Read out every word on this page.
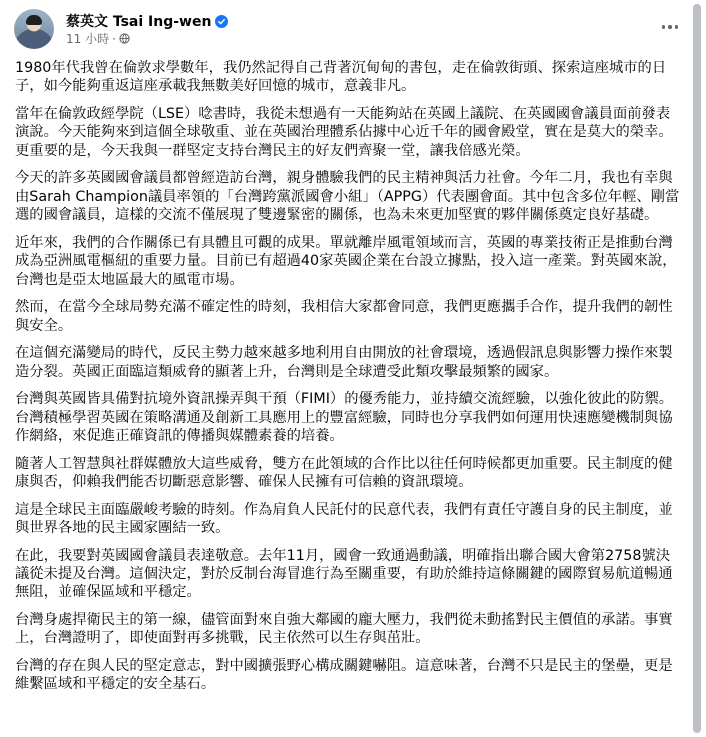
蔡英文 Tsai Ing-wen
11 小時 ·

1980年代我曾在倫敦求學數年，我仍然記得自己背著沉甸甸的書包，走在倫敦街頭、探索這座城市的日子，如今能夠重返這座承載我無數美好回憶的城市，意義非凡。

當年在倫敦政經學院（LSE）唸書時，我從未想過有一天能夠站在英國上議院、在英國國會議員面前發表演說。今天能夠來到這個全球敬重、並在英國治理體系佔據中心近千年的國會殿堂，實在是莫大的榮幸。更重要的是，今天我與一群堅定支持台灣民主的好友們齊聚一堂，讓我倍感光榮。

今天的許多英國國會議員都曾經造訪台灣，親身體驗我們的民主精神與活力社會。今年二月，我也有幸與由Sarah Champion議員率領的「台灣跨黨派國會小組」（APPG）代表團會面。其中包含多位年輕、剛當選的國會議員，這樣的交流不僅展現了雙邊緊密的關係，也為未來更加堅實的夥伴關係奠定良好基礎。

近年來，我們的合作關係已有具體且可觀的成果。單就離岸風電領域而言，英國的專業技術正是推動台灣成為亞洲風電樞紐的重要力量。目前已有超過40家英國企業在台設立據點，投入這一產業。對英國來說，台灣也是亞太地區最大的風電市場。

然而，在當今全球局勢充滿不確定性的時刻，我相信大家都會同意，我們更應攜手合作，提升我們的韌性與安全。

在這個充滿變局的時代，反民主勢力越來越多地利用自由開放的社會環境，透過假訊息與影響力操作來製造分裂。英國正面臨這類威脅的顯著上升，台灣則是全球遭受此類攻擊最頻繁的國家。

台灣與英國皆具備對抗境外資訊操弄與干預（FIMI）的優秀能力，並持續交流經驗，以強化彼此的防禦。台灣積極學習英國在策略溝通及創新工具應用上的豐富經驗，同時也分享我們如何運用快速應變機制與協作網絡，來促進正確資訊的傳播與媒體素養的培養。

隨著人工智慧與社群媒體放大這些威脅，雙方在此領域的合作比以往任何時候都更加重要。民主制度的健康與否，仰賴我們能否切斷惡意影響、確保人民擁有可信賴的資訊環境。

這是全球民主面臨嚴峻考驗的時刻。作為肩負人民託付的民意代表，我們有責任守護自身的民主制度，並與世界各地的民主國家團結一致。

在此，我要對英國國會議員表達敬意。去年11月，國會一致通過動議，明確指出聯合國大會第2758號決議從未提及台灣。這個決定，對於反制台海冒進行為至關重要，有助於維持這條關鍵的國際貿易航道暢通無阻，並確保區域和平穩定。

台灣身處捍衛民主的第一線，儘管面對來自強大鄰國的龐大壓力，我們從未動搖對民主價值的承諾。事實上，台灣證明了，即使面對再多挑戰，民主依然可以生存與茁壯。

台灣的存在與人民的堅定意志，對中國擴張野心構成關鍵嚇阻。這意味著，台灣不只是民主的堡壘，更是維繫區域和平穩定的安全基石。
